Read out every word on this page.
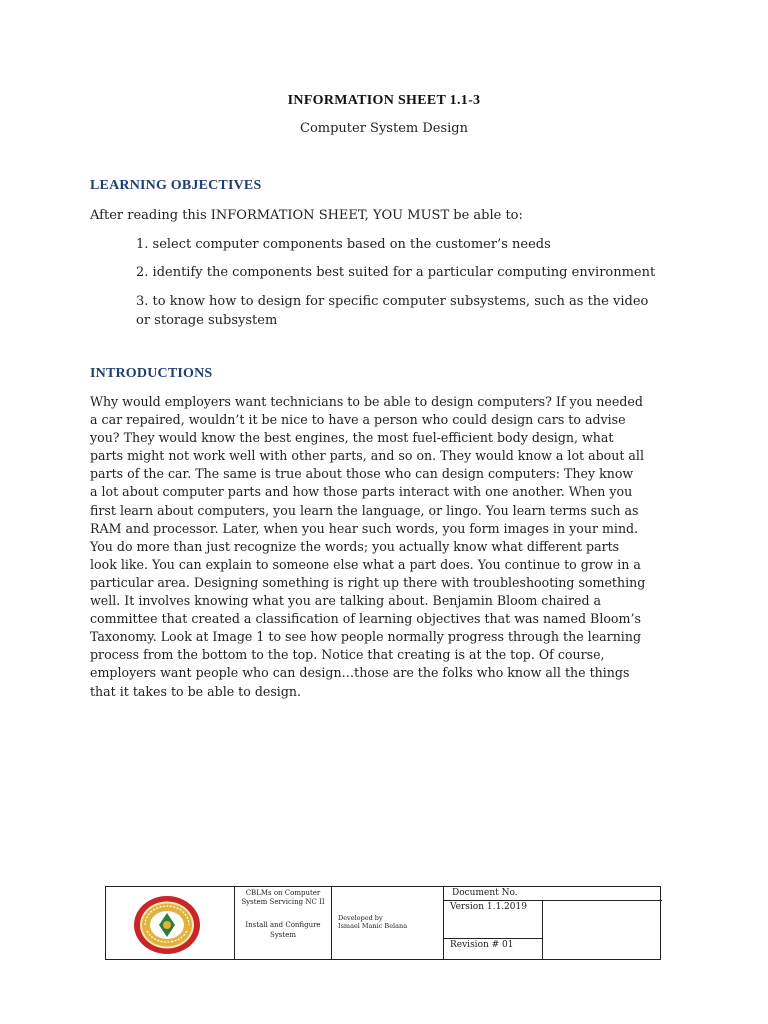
INFORMATION SHEET 1.1-3
Computer System Design
LEARNING OBJECTIVES
After reading this INFORMATION SHEET, YOU MUST be able to:
1. select computer components based on the customer’s needs
2. identify the components best suited for a particular computing environment
3. to know how to design for specific computer subsystems, such as the video
or storage subsystem
INTRODUCTIONS
Why would employers want technicians to be able to design computers? If you needed
a car repaired, wouldn’t it be nice to have a person who could design cars to advise
you? They would know the best engines, the most fuel-efficient body design, what
parts might not work well with other parts, and so on. They would know a lot about all
parts of the car. The same is true about those who can design computers: They know
a lot about computer parts and how those parts interact with one another. When you
first learn about computers, you learn the language, or lingo. You learn terms such as
RAM and processor. Later, when you hear such words, you form images in your mind.
You do more than just recognize the words; you actually know what different parts
look like. You can explain to someone else what a part does. You continue to grow in a
particular area. Designing something is right up there with troubleshooting something
well. It involves knowing what you are talking about. Benjamin Bloom chaired a
committee that created a classification of learning objectives that was named Bloom’s
Taxonomy. Look at Image 1 to see how people normally progress through the learning
process from the bottom to the top. Notice that creating is at the top. Of course,
employers want people who can design…those are the folks who know all the things
that it takes to be able to design.
CBLMs on Computer
System Servicing NC II
Install and Configure
System
Developed by
Ismael Manic Belana
Document No.
Version 1.1.2019
Revision # 01
